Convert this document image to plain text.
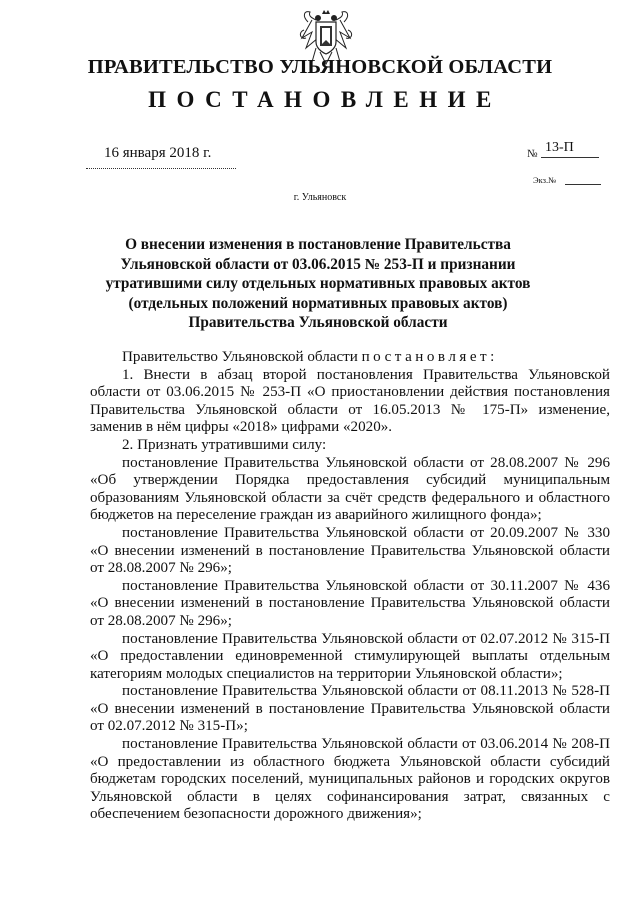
ПРАВИТЕЛЬСТВО УЛЬЯНОВСКОЙ ОБЛАСТИ
ПОСТАНОВЛЕНИЕ
16 января 2018 г.	№ 13-П
Экз.№
г. Ульяновск
О внесении изменения в постановление Правительства Ульяновской области от 03.06.2015 № 253-П и признании утратившими силу отдельных нормативных правовых актов (отдельных положений нормативных правовых актов) Правительства Ульяновской области

Правительство Ульяновской области постановляет:

1. Внести в абзац второй постановления Правительства Ульяновской области от 03.06.2015 № 253-П «О приостановлении действия постановления Правительства Ульяновской области от 16.05.2013 № 175-П» изменение, заменив в нём цифры «2018» цифрами «2020».

2. Признать утратившими силу:

постановление Правительства Ульяновской области от 28.08.2007 № 296 «Об утверждении Порядка предоставления субсидий муниципальным образованиям Ульяновской области за счёт средств федерального и областного бюджетов на переселение граждан из аварийного жилищного фонда»;

постановление Правительства Ульяновской области от 20.09.2007 № 330 «О внесении изменений в постановление Правительства Ульяновской области от 28.08.2007 № 296»;

постановление Правительства Ульяновской области от 30.11.2007 № 436 «О внесении изменений в постановление Правительства Ульяновской области от 28.08.2007 № 296»;

постановление Правительства Ульяновской области от 02.07.2012 № 315-П «О предоставлении единовременной стимулирующей выплаты отдельным категориям молодых специалистов на территории Ульяновской области»;

постановление Правительства Ульяновской области от 08.11.2013 № 528-П «О внесении изменений в постановление Правительства Ульяновской области от 02.07.2012 № 315-П»;

постановление Правительства Ульяновской области от 03.06.2014 № 208-П «О предоставлении из областного бюджета Ульяновской области субсидий бюджетам городских поселений, муниципальных районов и городских округов Ульяновской области в целях софинансирования затрат, связанных с обеспечением безопасности дорожного движения»;
